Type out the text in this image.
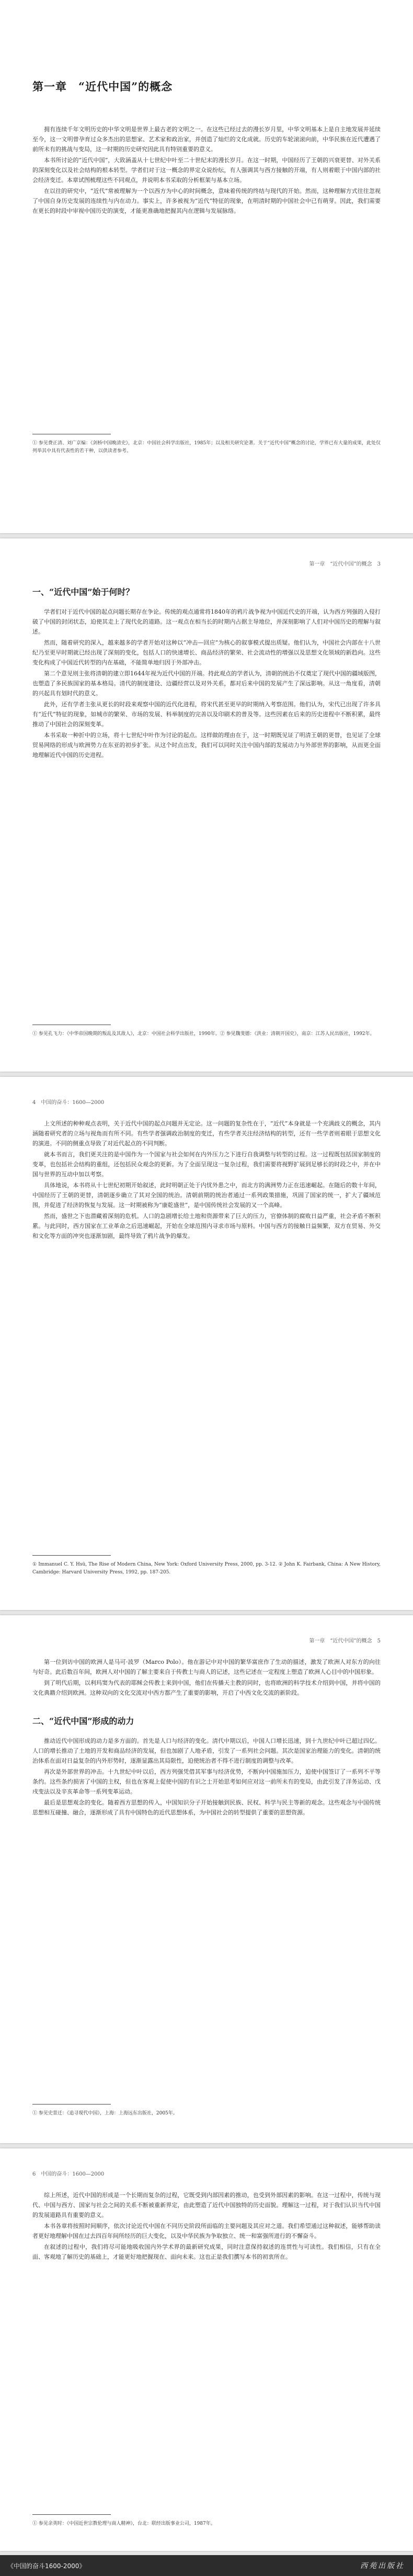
第一章　“近代中国”的概念

拥有连续千年文明历史的中华文明是世界上最古老的文明之一。在这些已经过去的漫长岁月里，中华文明基本上是自主地发展并延续至今，这一文明曾孕育过众多杰出的思想家、艺术家和政治家，并创造了灿烂的文化成就。历史的车轮滚滚向前，中华民族在近代遭遇了前所未有的挑战与变局，这一时期的历史研究因此具有特别重要的意义。

本书所讨论的“近代中国”，大致涵盖从十七世纪中叶至二十世纪末的漫长岁月。在这一时期，中国经历了王朝的兴衰更替、对外关系的深刻变化以及社会结构的根本转型。学者们对于这一概念的界定众说纷纭，有人强调其与西方接触的开端，有人则着眼于中国内部的社会经济变迁。本章试图梳理这些不同观点，并说明本书采取的分析框架与基本立场。

在以往的研究中，“近代”常被理解为一个以西方为中心的时间概念，意味着传统的终结与现代的开始。然而，这种理解方式往往忽视了中国自身历史发展的连续性与内在动力。事实上，许多被视为“近代”特征的现象，在明清时期的中国社会中已有萌芽。因此，我们需要在更长的时段中审视中国历史的演变，才能更准确地把握其内在逻辑与发展脉络。

① 参见费正清、刘广京编：《剑桥中国晚清史》，北京：中国社会科学出版社，1985年；以及相关研究论著。关于“近代中国”概念的讨论，学界已有大量的成果，此处仅列举其中具有代表性的若干种，以供读者参考。
第一章　“近代中国”的概念　3
一、“近代中国”始于何时？

学者们对于近代中国的起点问题长期存在争论。传统的观点通常将1840年的鸦片战争视为中国近代史的开端，认为西方列强的入侵打破了中国的封闭状态，迫使其走上了现代化的道路。这一观点在相当长的时期内占据主导地位，并深刻影响了人们对中国历史的理解与叙述。

然而，随着研究的深入，越来越多的学者开始对这种以“冲击—回应”为核心的叙事模式提出质疑。他们认为，中国社会内部在十八世纪乃至更早时期就已经出现了深刻的变化，包括人口的快速增长、商品经济的繁荣、社会流动性的增强以及思想文化领域的新趋向。这些变化构成了中国近代转型的内在基础，不能简单地归因于外部冲击。

第二个意见则主张将清朝的建立即1644年视为近代中国的开端。持此观点的学者认为，清朝的统治不仅奠定了现代中国的疆域版图，也塑造了多民族国家的基本格局。清代的制度建设、边疆经营以及对外关系，都对后来中国的发展产生了深远影响。从这一角度看，清朝的兴起具有划时代的意义。

此外，还有学者主张从更长的时段来观察中国的近代化进程，将宋代甚至更早的时期纳入考察范围。他们认为，宋代已出现了许多具有“近代”特征的现象，如城市的繁荣、市场的发展、科举制度的完善以及印刷术的普及等。这些因素在后来的历史进程中不断积累，最终推动了中国社会的深刻变革。

本书采取一种折中的立场，将十七世纪中叶作为讨论的起点。这样做的理由在于，这一时期既见证了明清王朝的更替，也见证了全球贸易网络的形成与欧洲势力在东亚的初步扩张。从这个时点出发，我们可以同时关注中国内部的发展动力与外部世界的影响，从而更全面地理解近代中国的历史进程。

① 参见孔飞力：《中华帝国晚期的叛乱及其敌人》，北京：中国社会科学出版社，1990年。② 参见魏斐德：《洪业：清朝开国史》，南京：江苏人民出版社，1992年。
4　中国的奋斗：1600—2000

上文所述的种种观点表明，关于近代中国的起点问题并无定论。这一问题的复杂性在于，“近代”本身就是一个充满歧义的概念，其内涵随着研究者的立场与视角而有所不同。有些学者强调政治制度的变迁，有些学者关注经济结构的转型，还有一些学者则着眼于思想文化的演进。不同的侧重点导致了对近代起点的不同判断。

就本书而言，我们更关注的是中国作为一个国家与社会如何在内外压力之下进行自我调整与转型的过程。这一过程既包括国家制度的变革，也包括社会结构的重组，还包括民众观念的更新。为了全面呈现这一复杂过程，我们需要将视野扩展到足够长的时段之中，并在中国与世界的互动中加以考察。

具体地说，本书将从十七世纪初期开始叙述，此时明朝正处于内忧外患之中，而北方的满洲势力正在迅速崛起。在随后的数十年间，中国经历了王朝的更替，清朝逐步确立了其对全国的统治。清朝前期的统治者通过一系列政策措施，巩固了国家的统一，扩大了疆域范围，并促进了经济的恢复与发展。这一时期被称为“康乾盛世”，是中国传统社会发展的又一个高峰。

然而，盛世之下也潜藏着深刻的危机。人口的急剧增长给土地和资源带来了巨大的压力，官僚体制的腐败日益严重，社会矛盾不断积累。与此同时，西方国家在工业革命之后迅速崛起，开始在全球范围内寻求市场与原料。中国与西方的接触日益频繁，双方在贸易、外交和文化等方面的冲突也逐渐加剧，最终导致了鸦片战争的爆发。

① Immanuel C. Y. Hsü, The Rise of Modern China, New York: Oxford University Press, 2000, pp. 3-12. ② John K. Fairbank, China: A New History, Cambridge: Harvard University Press, 1992, pp. 187-205.
第一章　“近代中国”的概念　5

第一位到访中国的欧洲人是马可·波罗（Marco Polo）。他在游记中对中国的繁华富庶作了生动的描述，激发了欧洲人对东方的向往与好奇。此后数百年间，欧洲人对中国的了解主要来自于传教士与商人的记述，这些记述在一定程度上塑造了欧洲人心目中的中国形象。

到了明代后期，以利玛窦为代表的耶稣会传教士来到中国，他们在传播天主教的同时，也将欧洲的科学技术介绍到中国，并将中国的文化典籍介绍到欧洲。这种双向的文化交流对中西方都产生了重要的影响，开启了中西文化交流的新阶段。

二、“近代中国”形成的动力

推动近代中国形成的动力是多方面的。首先是人口与经济的变化。清代中期以后，中国人口增长迅速，到十九世纪中叶已超过四亿。人口的增长推动了土地的开发和商品经济的发展，但也加剧了人地矛盾，引发了一系列社会问题。其次是国家治理能力的变化。清朝的统治体系在面对日益复杂的内外形势时，逐渐显露出其局限性，迫使统治者不得不进行制度的调整与改革。

再次是外部世界的冲击。十九世纪中叶以后，西方列强凭借其军事与经济优势，不断向中国施加压力，迫使中国签订了一系列不平等条约。这些条约损害了中国的主权，但也在客观上促使中国的有识之士开始思考如何应对这一前所未有的变局，由此引发了洋务运动、戊戌变法以及辛亥革命等一系列变革运动。

最后是思想观念的变化。随着西方思想的传入，中国知识分子开始接触到民族、民权、科学与民主等新的观念。这些观念与中国传统思想相互碰撞、融合，逐渐形成了具有中国特色的近代思想体系，为中国社会的转型提供了重要的思想资源。

① 参见史景迁：《追寻现代中国》，上海：上海远东出版社，2005年。
6　中国的奋斗：1600—2000

综上所述，近代中国的形成是一个长期而复杂的过程，它既受到内部因素的推动，也受到外部因素的影响。在这一过程中，传统与现代、中国与西方、国家与社会之间的关系不断被重新界定，由此塑造了近代中国独特的历史面貌。理解这一过程，对于我们认识当代中国的发展道路具有重要的意义。

本书各章将按照时间顺序，依次讨论近代中国在不同历史阶段所面临的主要问题及其应对之道。我们希望通过这种叙述，能够帮助读者更好地理解中国在过去四百年间所经历的巨大变化，以及中华民族为争取独立、统一和富强所进行的不懈奋斗。

在叙述的过程中，我们将尽可能地吸收国内外学术界的最新研究成果，同时注意保持叙述的连贯性与可读性。我们相信，只有在全面、客观地了解历史的基础上，才能更好地把握现在、面向未来。这也正是我们撰写本书的初衷所在。

① 参见余英时：《中国近世宗教伦理与商人精神》，台北：联经出版事业公司，1987年。
《中国的奋斗1600-2000》	西苑出版社
